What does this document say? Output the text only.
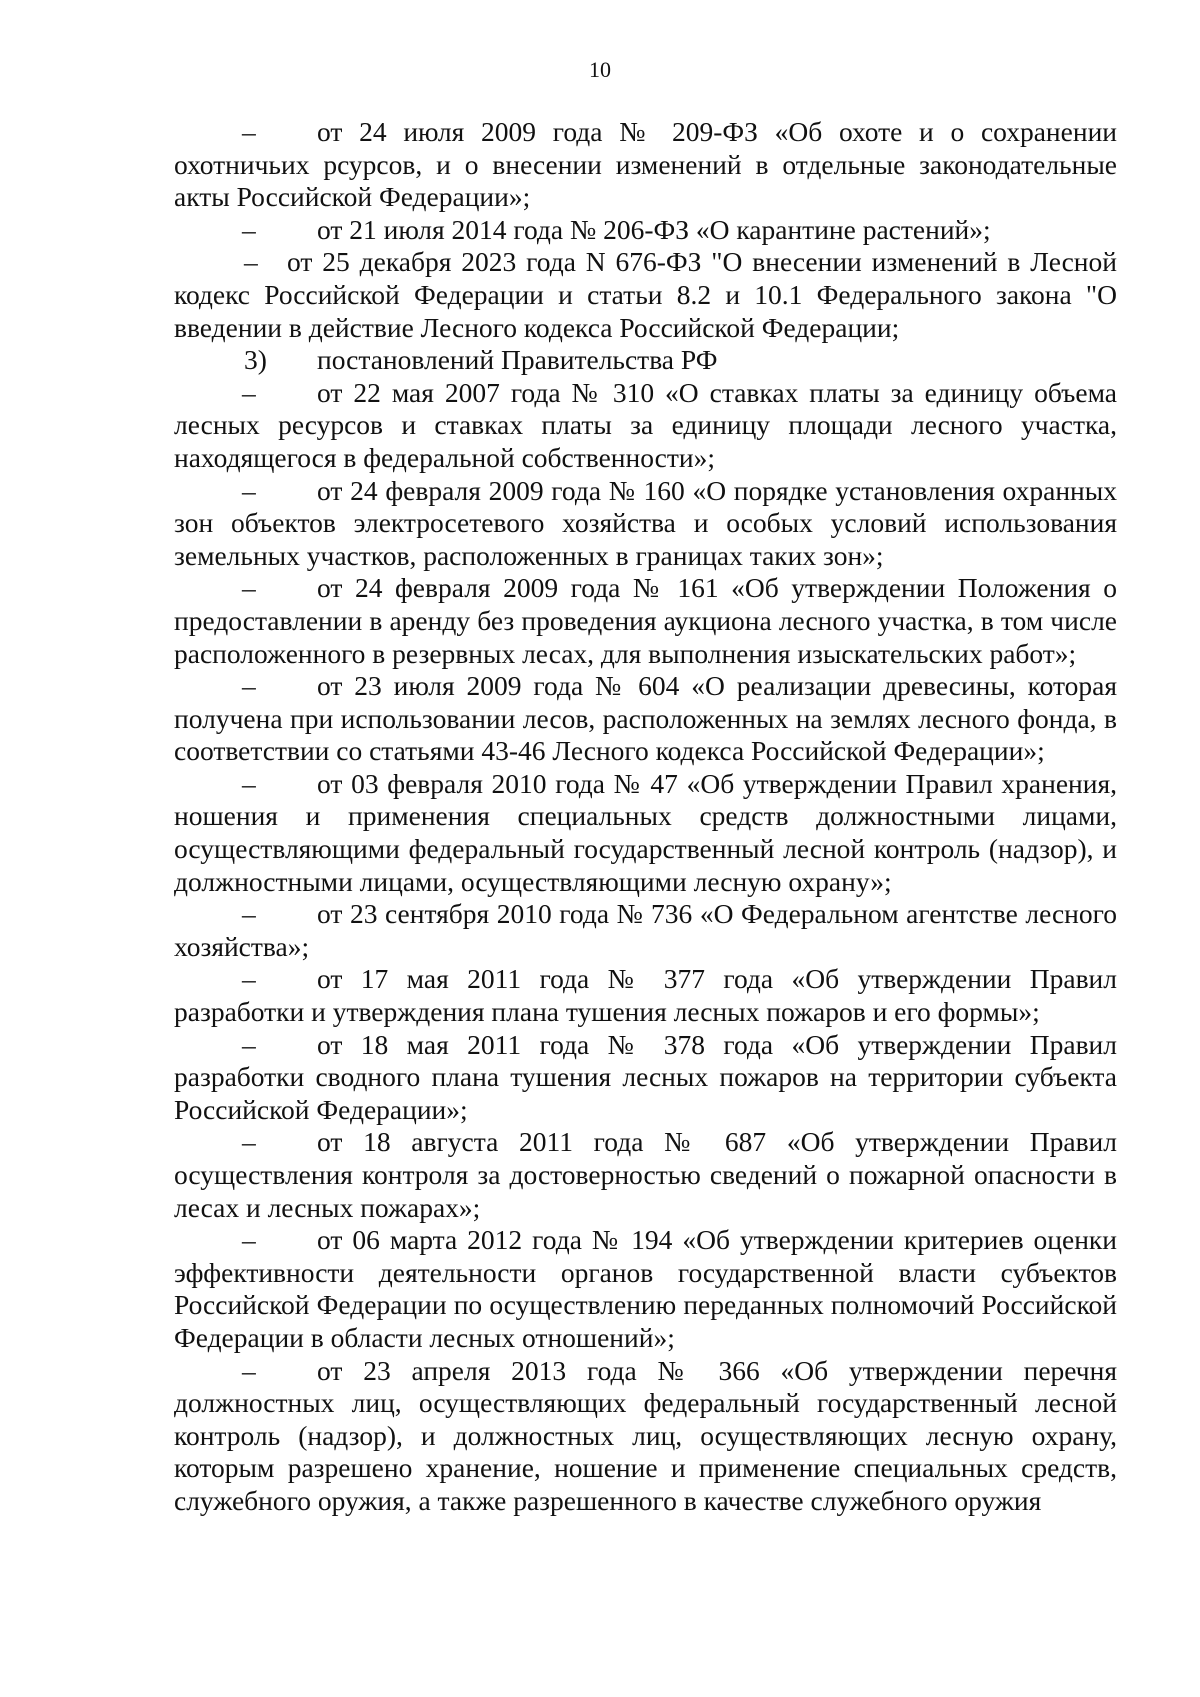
10

– от 24 июля 2009 года № 209-ФЗ «Об охоте и о сохранении охотничьих рсурсов, и о внесении изменений в отдельные законодательные акты Российской Федерации»;

– от 21 июля 2014 года № 206-ФЗ «О карантине растений»;

– от 25 декабря 2023 года N 676-ФЗ "О внесении изменений в Лесной кодекс Российской Федерации и статьи 8.2 и 10.1 Федерального закона "О введении в действие Лесного кодекса Российской Федерации;

3)	постановлений Правительства РФ

– от 22 мая 2007 года № 310 «О ставках платы за единицу объема лесных ресурсов и ставках платы за единицу площади лесного участка, находящегося в федеральной собственности»;

– от 24 февраля 2009 года № 160 «О порядке установления охранных зон объектов электросетевого хозяйства и особых условий использования земельных участков, расположенных в границах таких зон»;

– от 24 февраля 2009 года № 161 «Об утверждении Положения о предоставлении в аренду без проведения аукциона лесного участка, в том числе расположенного в резервных лесах, для выполнения изыскательских работ»;

– от 23 июля 2009 года № 604 «О реализации древесины, которая получена при использовании лесов, расположенных на землях лесного фонда, в соответствии со статьями 43-46 Лесного кодекса Российской Федерации»;

– от 03 февраля 2010 года № 47 «Об утверждении Правил хранения, ношения и применения специальных средств должностными лицами, осуществляющими федеральный государственный лесной контроль (надзор), и должностными лицами, осуществляющими лесную охрану»;

– от 23 сентября 2010 года № 736 «О Федеральном агентстве лесного хозяйства»;

– от 17 мая 2011 года № 377 года «Об утверждении Правил разработки и утверждения плана тушения лесных пожаров и его формы»;

– от 18 мая 2011 года № 378 года «Об утверждении Правил разработки сводного плана тушения лесных пожаров на территории субъекта Российской Федерации»;

– от 18 августа 2011 года № 687 «Об утверждении Правил осуществления контроля за достоверностью сведений о пожарной опасности в лесах и лесных пожарах»;

– от 06 марта 2012 года № 194 «Об утверждении критериев оценки эффективности деятельности органов государственной власти субъектов Российской Федерации по осуществлению переданных полномочий Российской Федерации в области лесных отношений»;

– от 23 апреля 2013 года № 366 «Об утверждении перечня должностных лиц, осуществляющих федеральный государственный лесной контроль (надзор), и должностных лиц, осуществляющих лесную охрану, которым разрешено хранение, ношение и применение специальных средств, служебного оружия, а также разрешенного в качестве служебного оружия
